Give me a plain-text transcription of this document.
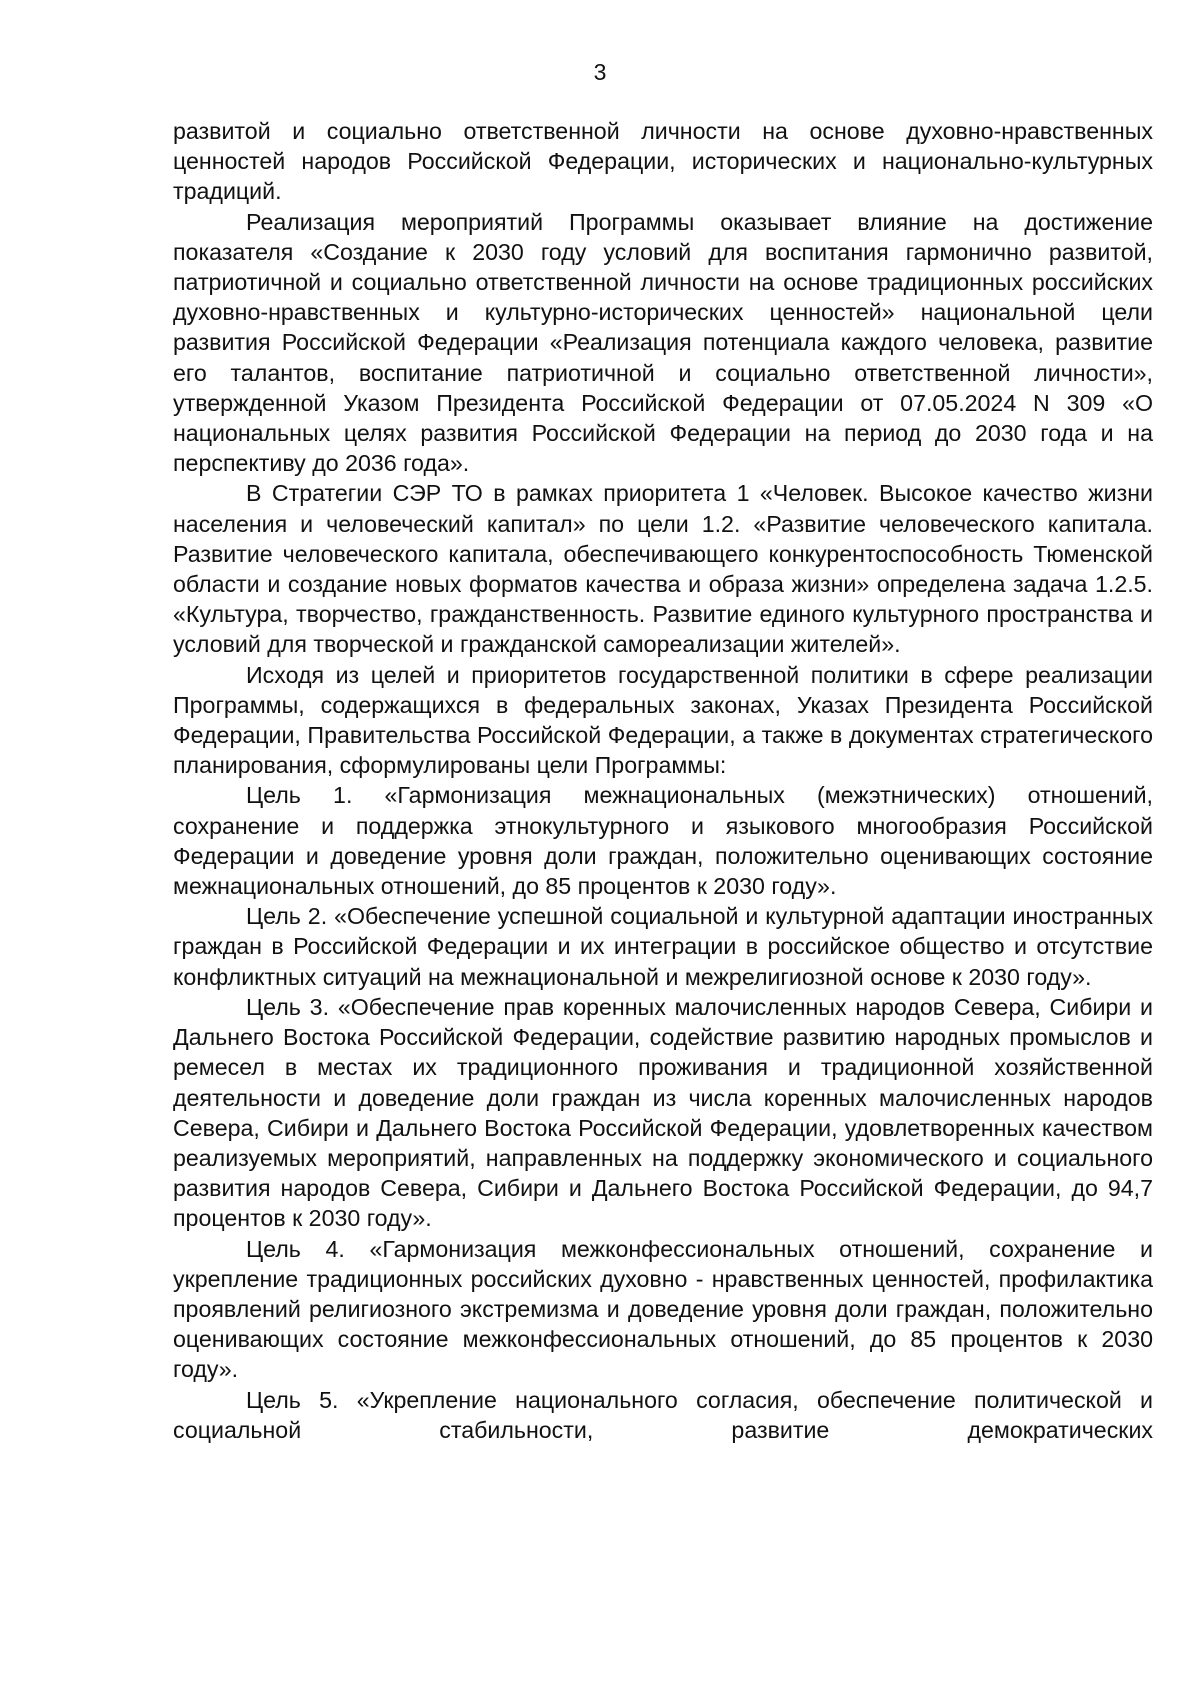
3

развитой и социально ответственной личности на основе духовно-нравственных ценностей народов Российской Федерации, исторических и национально-культурных традиций.

Реализация мероприятий Программы оказывает влияние на достижение показателя «Создание к 2030 году условий для воспитания гармонично развитой, патриотичной и социально ответственной личности на основе традиционных российских духовно-нравственных и культурно-исторических ценностей» национальной цели развития Российской Федерации «Реализация потенциала каждого человека, развитие его талантов, воспитание патриотичной и социально ответственной личности», утвержденной Указом Президента Российской Федерации от 07.05.2024 N 309 «О национальных целях развития Российской Федерации на период до 2030 года и на перспективу до 2036 года».

В Стратегии СЭР ТО в рамках приоритета 1 «Человек. Высокое качество жизни населения и человеческий капитал» по цели 1.2. «Развитие человеческого капитала. Развитие человеческого капитала, обеспечивающего конкурентоспособность Тюменской области и создание новых форматов качества и образа жизни» определена задача 1.2.5. «Культура, творчество, гражданственность. Развитие единого культурного пространства и условий для творческой и гражданской самореализации жителей».

Исходя из целей и приоритетов государственной политики в сфере реализации Программы, содержащихся в федеральных законах, Указах Президента Российской Федерации, Правительства Российской Федерации, а также в документах стратегического планирования, сформулированы цели Программы:

Цель 1. «Гармонизация межнациональных (межэтнических) отношений, сохранение и поддержка этнокультурного и языкового многообразия Российской Федерации и доведение уровня доли граждан, положительно оценивающих состояние межнациональных отношений, до 85 процентов к 2030 году».

Цель 2. «Обеспечение успешной социальной и культурной адаптации иностранных граждан в Российской Федерации и их интеграции в российское общество и отсутствие конфликтных ситуаций на межнациональной и межрелигиозной основе к 2030 году».

Цель 3. «Обеспечение прав коренных малочисленных народов Севера, Сибири и Дальнего Востока Российской Федерации, содействие развитию народных промыслов и ремесел в местах их традиционного проживания и традиционной хозяйственной деятельности и доведение доли граждан из числа коренных малочисленных народов Севера, Сибири и Дальнего Востока Российской Федерации, удовлетворенных качеством реализуемых мероприятий, направленных на поддержку экономического и социального развития народов Севера, Сибири и Дальнего Востока Российской Федерации, до 94,7 процентов к 2030 году».

Цель 4. «Гармонизация межконфессиональных отношений, сохранение и укрепление традиционных российских духовно - нравственных ценностей, профилактика проявлений религиозного экстремизма и доведение уровня доли граждан, положительно оценивающих состояние межконфессиональных отношений, до 85 процентов к 2030 году».

Цель 5. «Укрепление национального согласия, обеспечение политической и социальной стабильности, развитие демократических
